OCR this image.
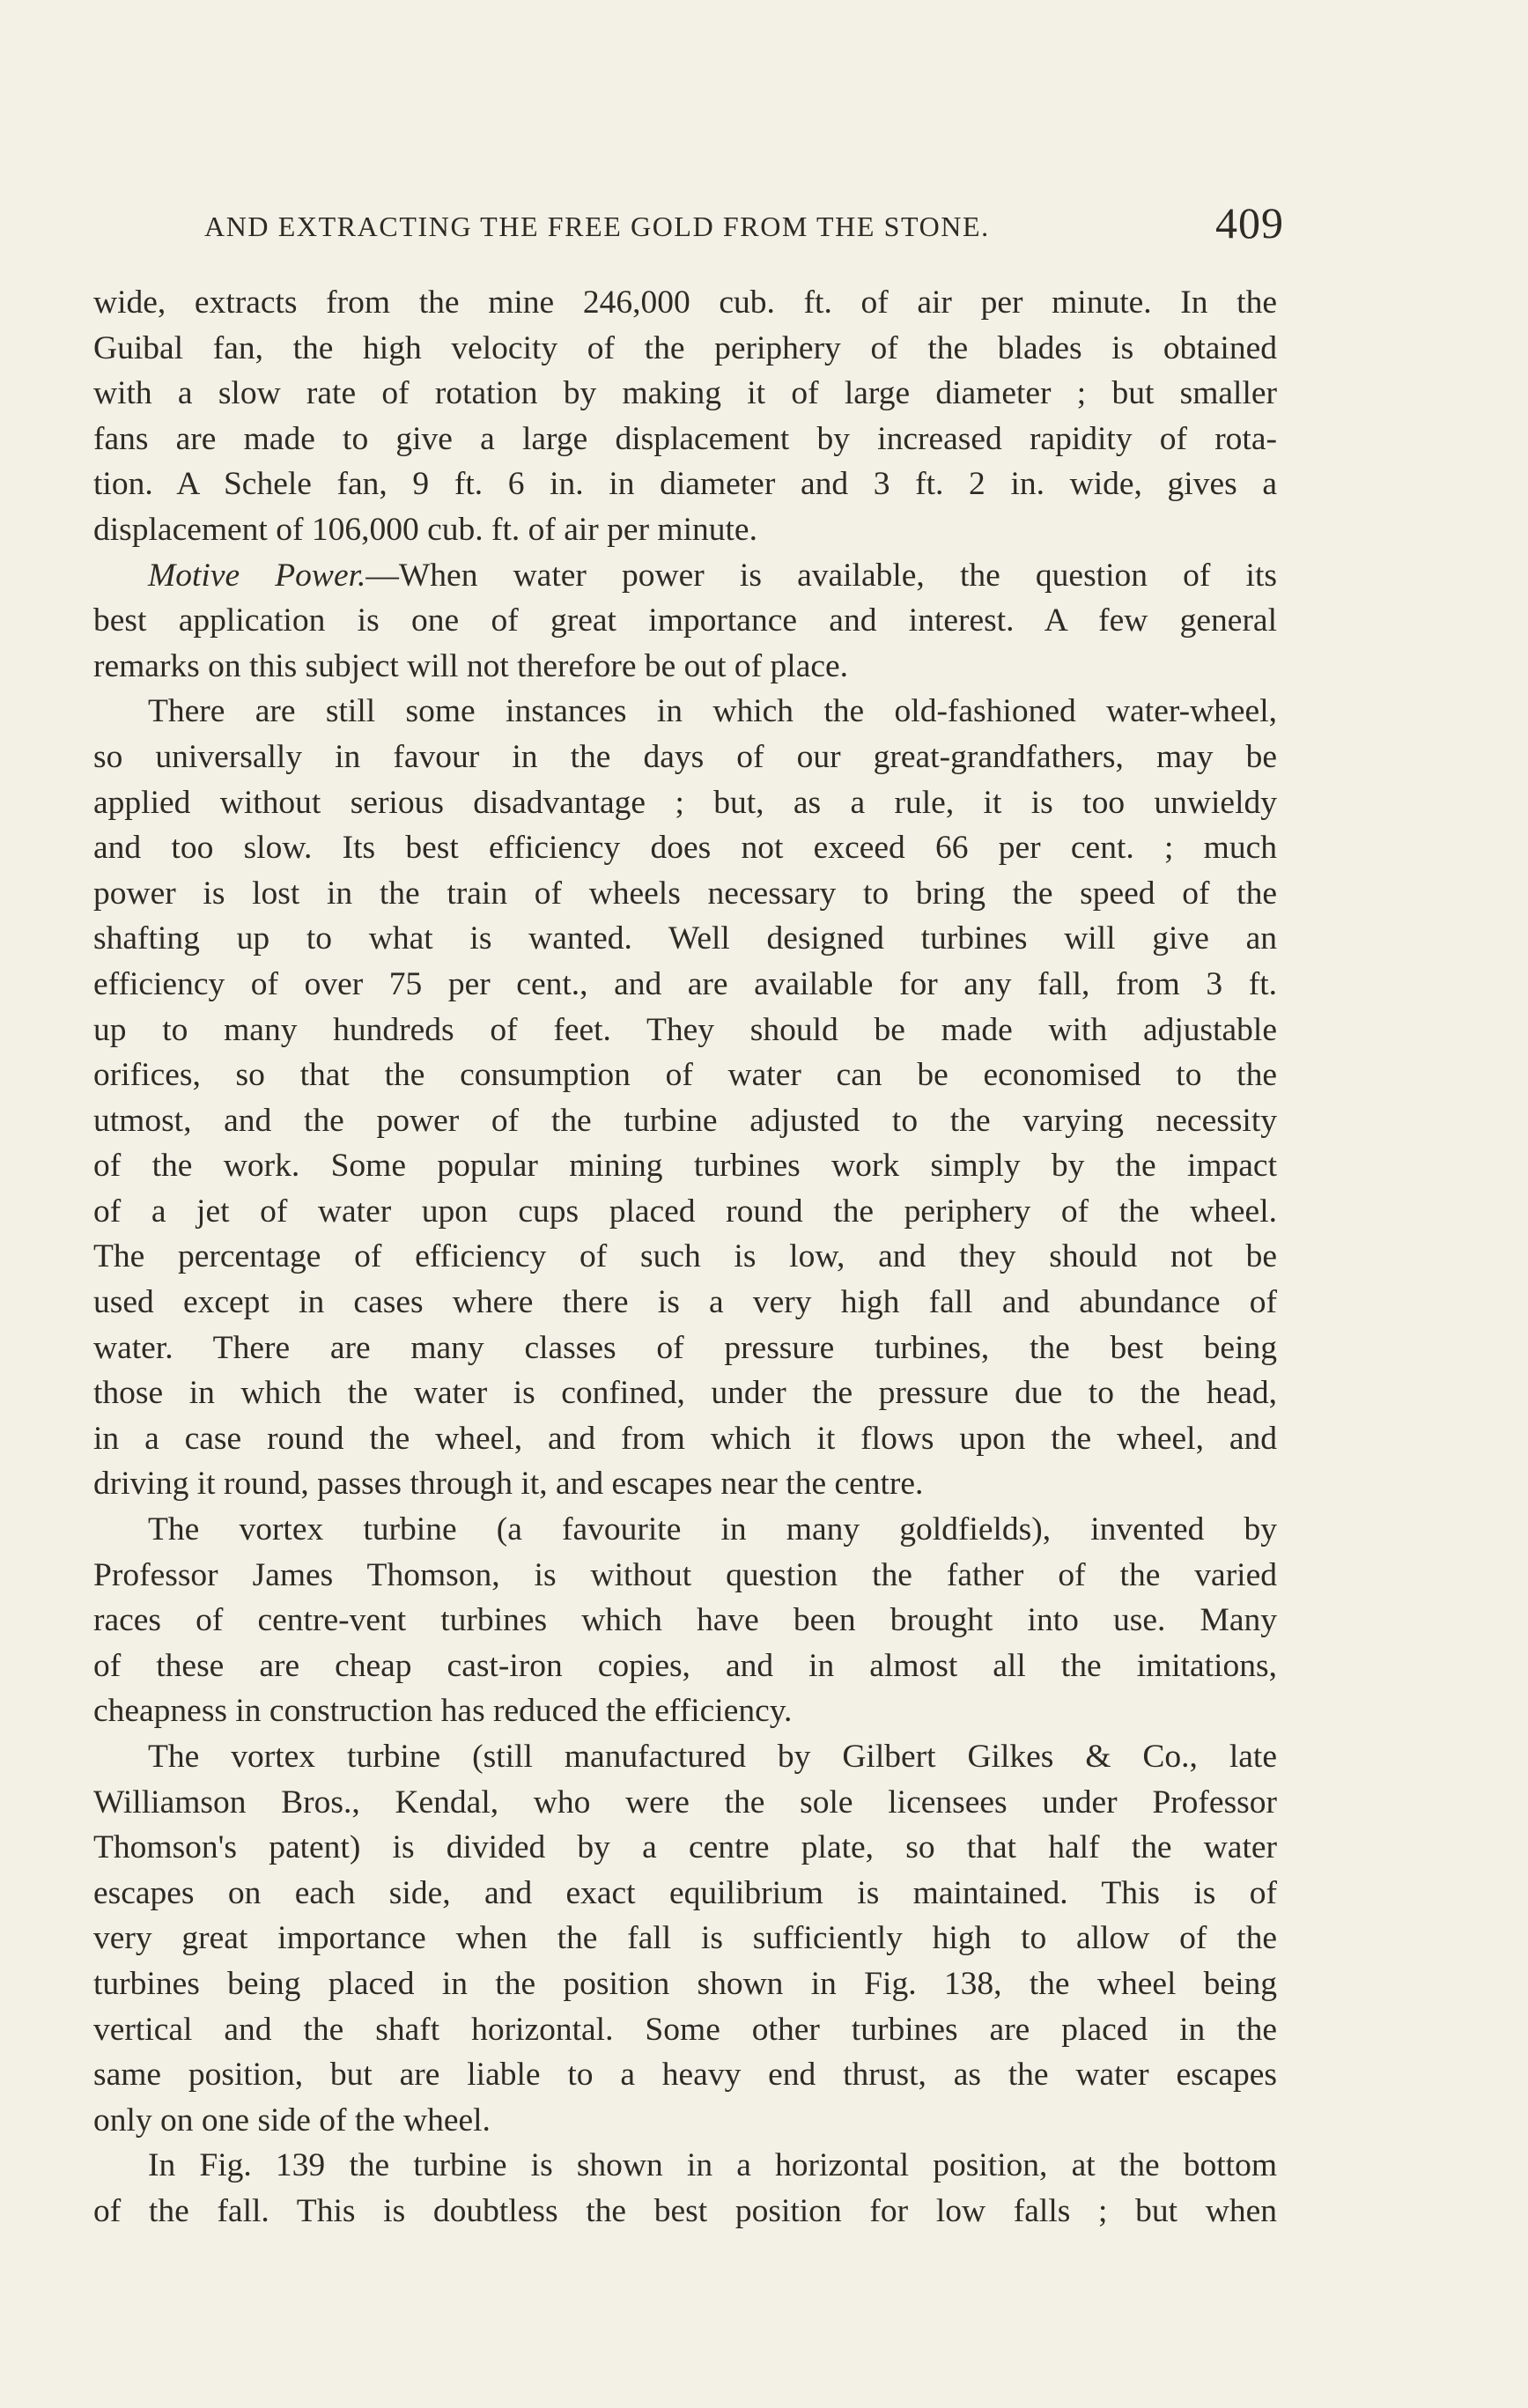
AND EXTRACTING THE FREE GOLD FROM THE STONE.	409
wide, extracts from the mine 246,000 cub. ft. of air per minute. In the
Guibal fan, the high velocity of the periphery of the blades is obtained
with a slow rate of rotation by making it of large diameter ; but smaller
fans are made to give a large displacement by increased rapidity of rota-
tion. A Schele fan, 9 ft. 6 in. in diameter and 3 ft. 2 in. wide, gives a
displacement of 106,000 cub. ft. of air per minute.
Motive Power.—When water power is available, the question of its
best application is one of great importance and interest. A few general
remarks on this subject will not therefore be out of place.
There are still some instances in which the old-fashioned water-wheel,
so universally in favour in the days of our great-grandfathers, may be
applied without serious disadvantage ; but, as a rule, it is too unwieldy
and too slow. Its best efficiency does not exceed 66 per cent. ; much
power is lost in the train of wheels necessary to bring the speed of the
shafting up to what is wanted. Well designed turbines will give an
efficiency of over 75 per cent., and are available for any fall, from 3 ft.
up to many hundreds of feet. They should be made with adjustable
orifices, so that the consumption of water can be economised to the
utmost, and the power of the turbine adjusted to the varying necessity
of the work. Some popular mining turbines work simply by the impact
of a jet of water upon cups placed round the periphery of the wheel.
The percentage of efficiency of such is low, and they should not be
used except in cases where there is a very high fall and abundance of
water. There are many classes of pressure turbines, the best being
those in which the water is confined, under the pressure due to the head,
in a case round the wheel, and from which it flows upon the wheel, and
driving it round, passes through it, and escapes near the centre.
The vortex turbine (a favourite in many goldfields), invented by
Professor James Thomson, is without question the father of the varied
races of centre-vent turbines which have been brought into use. Many
of these are cheap cast-iron copies, and in almost all the imitations,
cheapness in construction has reduced the efficiency.
The vortex turbine (still manufactured by Gilbert Gilkes & Co., late
Williamson Bros., Kendal, who were the sole licensees under Professor
Thomson's patent) is divided by a centre plate, so that half the water
escapes on each side, and exact equilibrium is maintained. This is of
very great importance when the fall is sufficiently high to allow of the
turbines being placed in the position shown in Fig. 138, the wheel being
vertical and the shaft horizontal. Some other turbines are placed in the
same position, but are liable to a heavy end thrust, as the water escapes
only on one side of the wheel.
In Fig. 139 the turbine is shown in a horizontal position, at the bottom
of the fall. This is doubtless the best position for low falls ; but when
